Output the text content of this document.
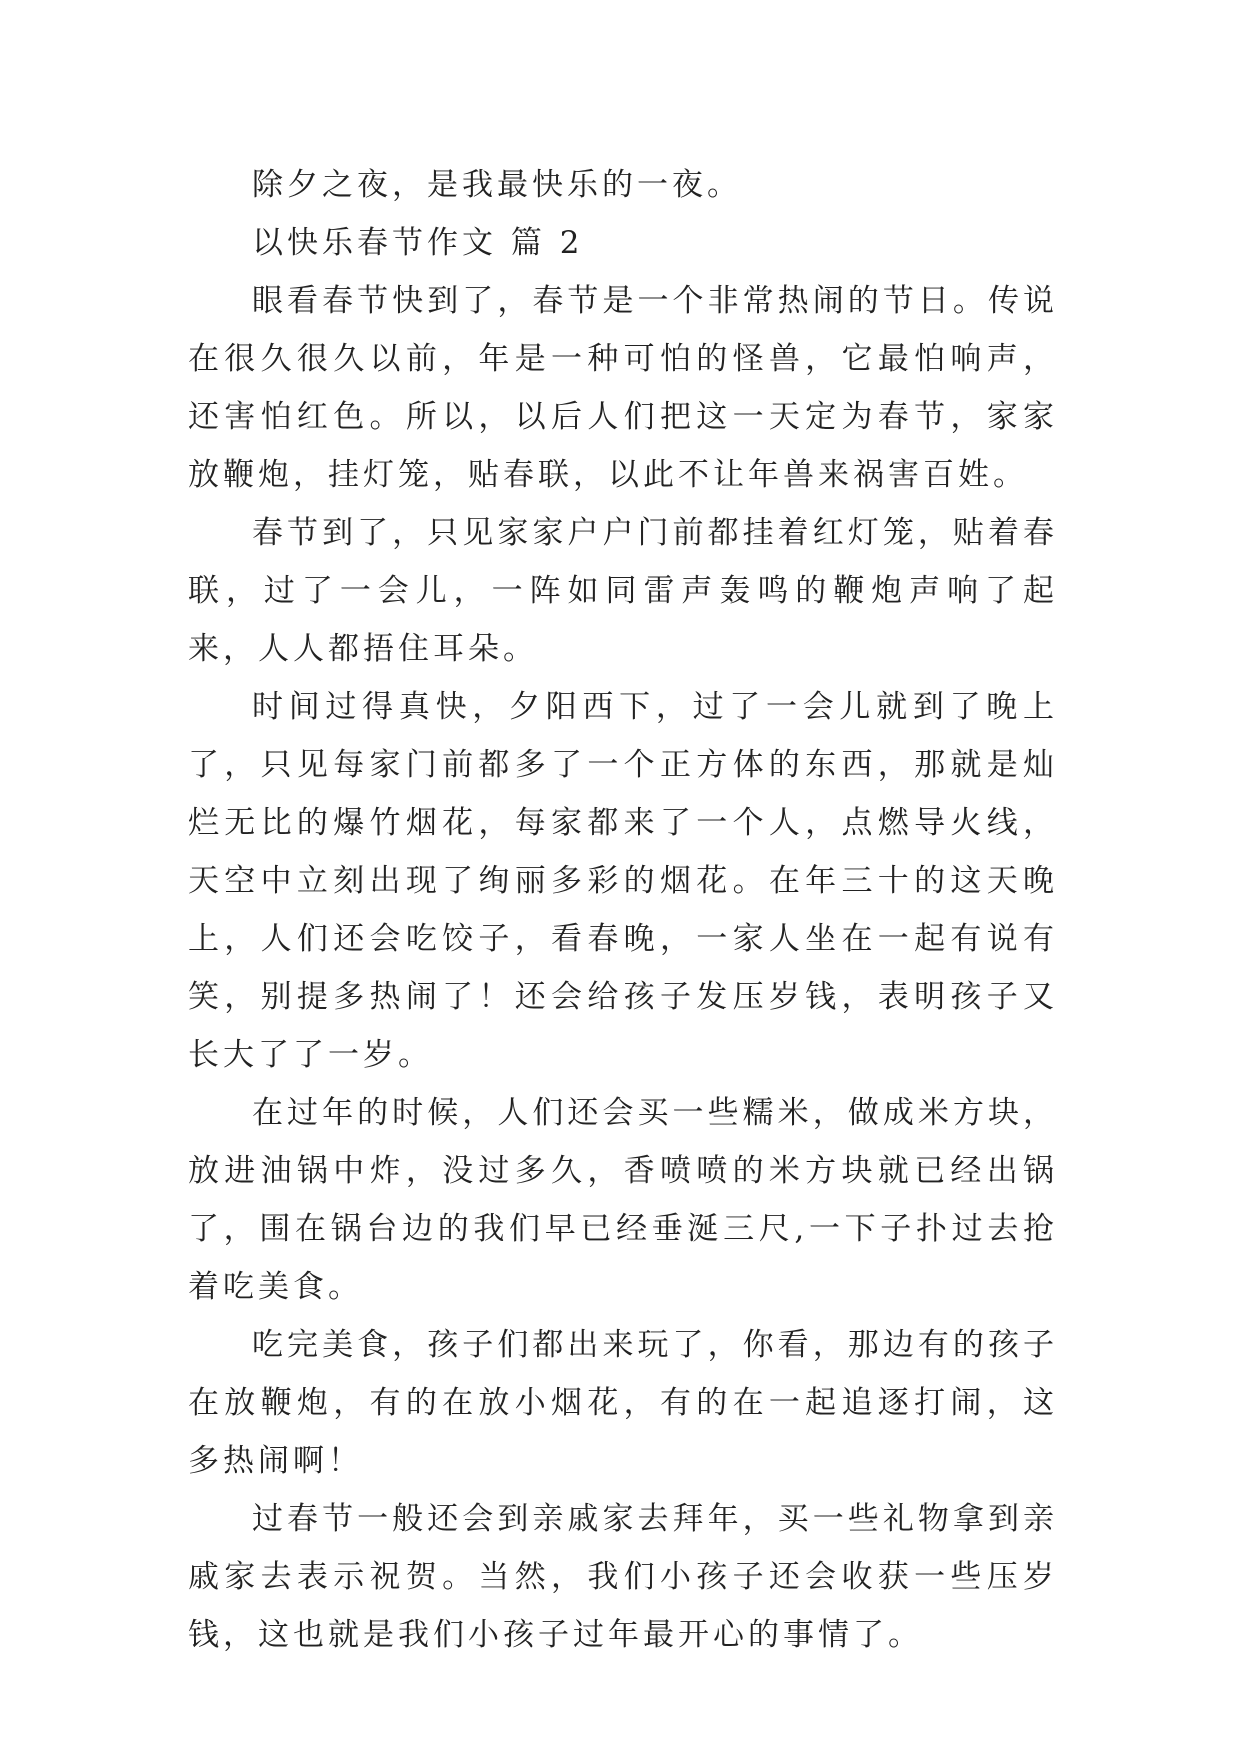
除夕之夜，是我最快乐的一夜。

以快乐春节作文 篇 2

眼看春节快到了，春节是一个非常热闹的节日。传说在很久很久以前，年是一种可怕的怪兽，它最怕响声，还害怕红色。所以，以后人们把这一天定为春节，家家放鞭炮，挂灯笼，贴春联，以此不让年兽来祸害百姓。

春节到了，只见家家户户门前都挂着红灯笼，贴着春联，过了一会儿，一阵如同雷声轰鸣的鞭炮声响了起来，人人都捂住耳朵。

时间过得真快，夕阳西下，过了一会儿就到了晚上了，只见每家门前都多了一个正方体的东西，那就是灿烂无比的爆竹烟花，每家都来了一个人，点燃导火线，天空中立刻出现了绚丽多彩的烟花。在年三十的这天晚上，人们还会吃饺子，看春晚，一家人坐在一起有说有笑，别提多热闹了！还会给孩子发压岁钱，表明孩子又长大了了一岁。

在过年的时候，人们还会买一些糯米，做成米方块，放进油锅中炸，没过多久，香喷喷的米方块就已经出锅了，围在锅台边的我们早已经垂涎三尺,一下子扑过去抢着吃美食。

吃完美食，孩子们都出来玩了，你看，那边有的孩子在放鞭炮，有的在放小烟花，有的在一起追逐打闹，这多热闹啊！

过春节一般还会到亲戚家去拜年，买一些礼物拿到亲戚家去表示祝贺。当然，我们小孩子还会收获一些压岁钱，这也就是我们小孩子过年最开心的事情了。
